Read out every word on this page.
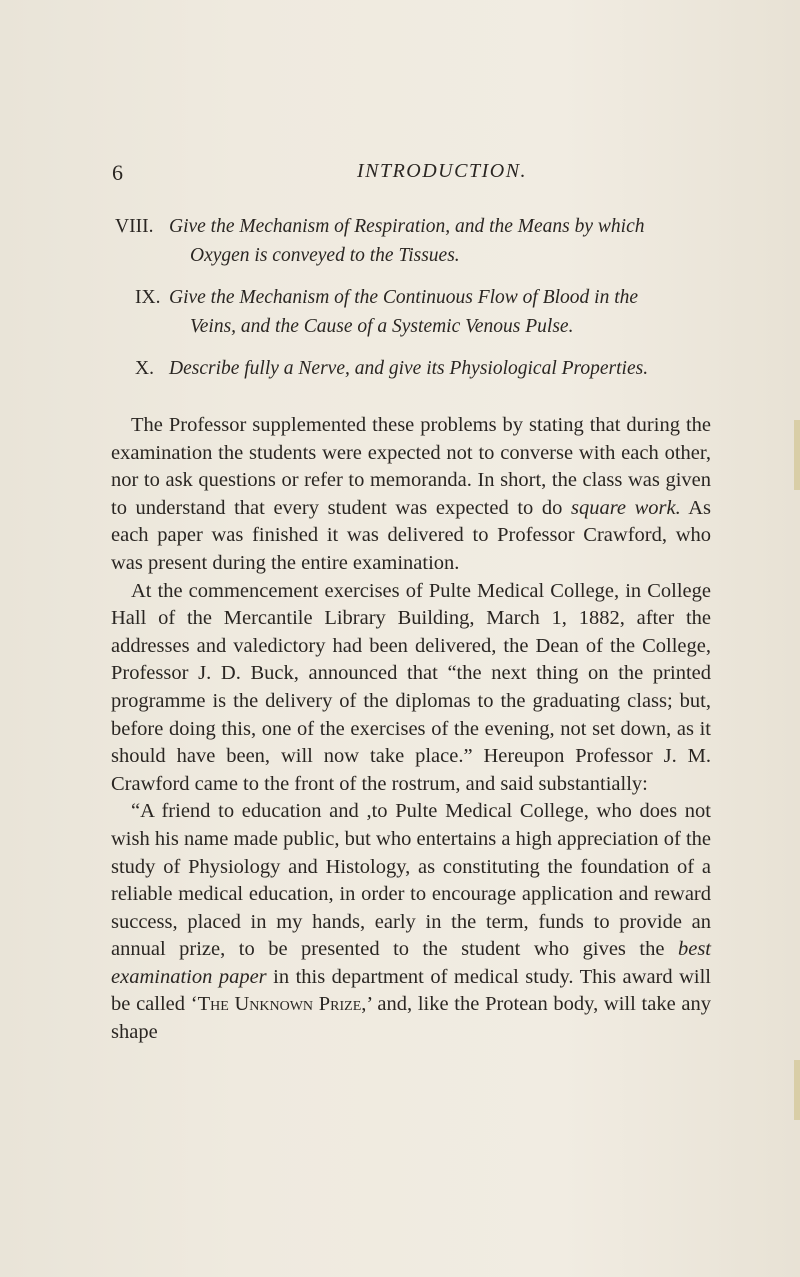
6	INTRODUCTION.
VIII. Give the Mechanism of Respiration, and the Means by which
Oxygen is conveyed to the Tissues.
IX. Give the Mechanism of the Continuous Flow of Blood in the
Veins, and the Cause of a Systemic Venous Pulse.
X. Describe fully a Nerve, and give its Physiological Properties.

The Professor supplemented these problems by stating that during the examination the students were expected not to converse with each other, nor to ask questions or refer to memoranda. In short, the class was given to understand that every student was expected to do square work. As each paper was finished it was delivered to Professor Crawford, who was present during the entire examination.

At the commencement exercises of Pulte Medical College, in College Hall of the Mercantile Library Building, March 1, 1882, after the addresses and valedictory had been delivered, the Dean of the College, Professor J. D. Buck, announced that “the next thing on the printed programme is the delivery of the diplomas to the graduating class; but, before doing this, one of the exercises of the evening, not set down, as it should have been, will now take place.” Hereupon Professor J. M. Crawford came to the front of the rostrum, and said substantially:

“A friend to education and ,to Pulte Medical College, who does not wish his name made public, but who entertains a high appreciation of the study of Physiology and Histology, as constituting the foundation of a reliable medical education, in order to encourage application and reward success, placed in my hands, early in the term, funds to provide an annual prize, to be presented to the student who gives the best examination paper in this department of medical study. This award will be called ‘The Unknown Prize,’ and, like the Protean body, will take any shape
